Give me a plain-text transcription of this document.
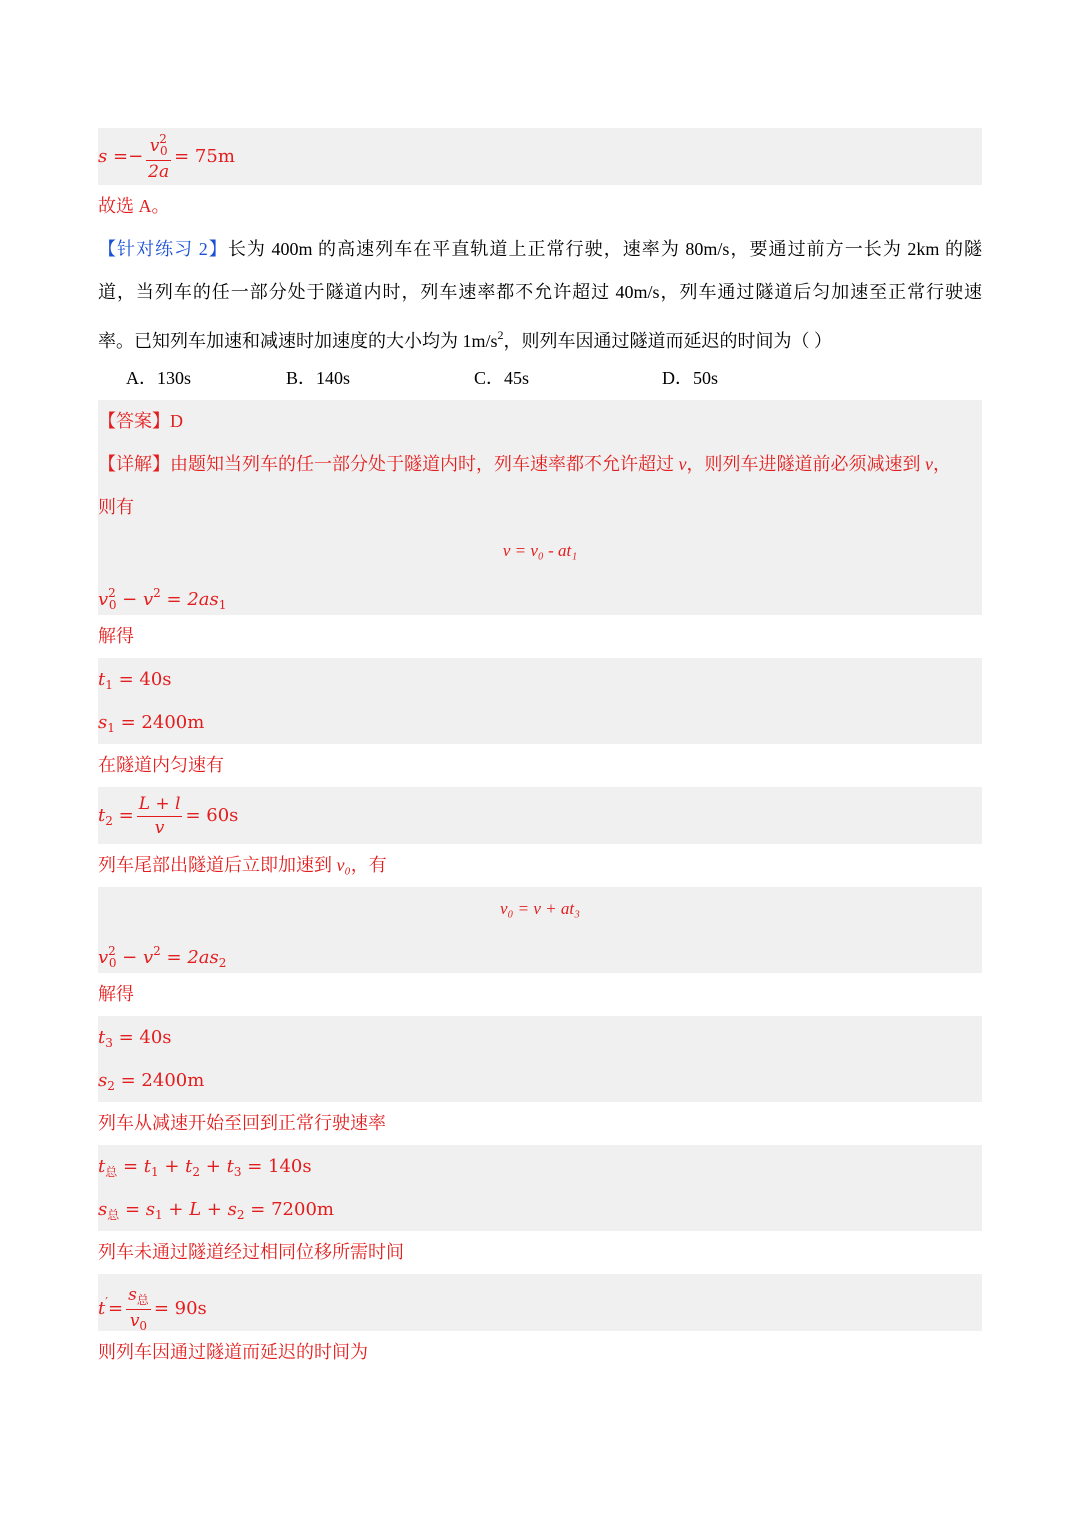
$s =- \frac{v^2_0}{2a} = 75m$
故选 A。
【针对练习 2】长为 400m 的高速列车在平直轨道上正常行驶，速率为 80m/s，要通过前方一长为 2km 的隧
道，当列车的任一部分处于隧道内时，列车速率都不允许超过 40m/s，列车通过隧道后匀加速至正常行驶速
率。已知列车加速和减速时加速度的大小均为 $1m/s^2$，则列车因通过隧道而延迟的时间为（ ）
A．130s	B．140s	C．45s	D．50s
【答案】D
【详解】由题知当列车的任一部分处于隧道内时，列车速率都不允许超过 v，则列车进隧道前必须减速到 v，
则有
v = v₀ - at₁
$v^2_0 - v^2 = 2as_1$
解得
$t_1 = 40s$
$s_1 = 2400m$
在隧道内匀速有
$t_2 = \frac{L + l}{v} = 60s$
列车尾部出隧道后立即加速到 v₀，有
v₀ = v + at₃
$v^2_0 - v^2 = 2as_2$
解得
$t_3 = 40s$
$s_2 = 2400m$
列车从减速开始至回到正常行驶速率
$t_总 = t_1 + t_2 + t_3 = 140s$
$s_总 = s_1 + L + s_2 = 7200m$
列车未通过隧道经过相同位移所需时间
$t'= \frac{s_总}{v_0} = 90s$
则列车因通过隧道而延迟的时间为
